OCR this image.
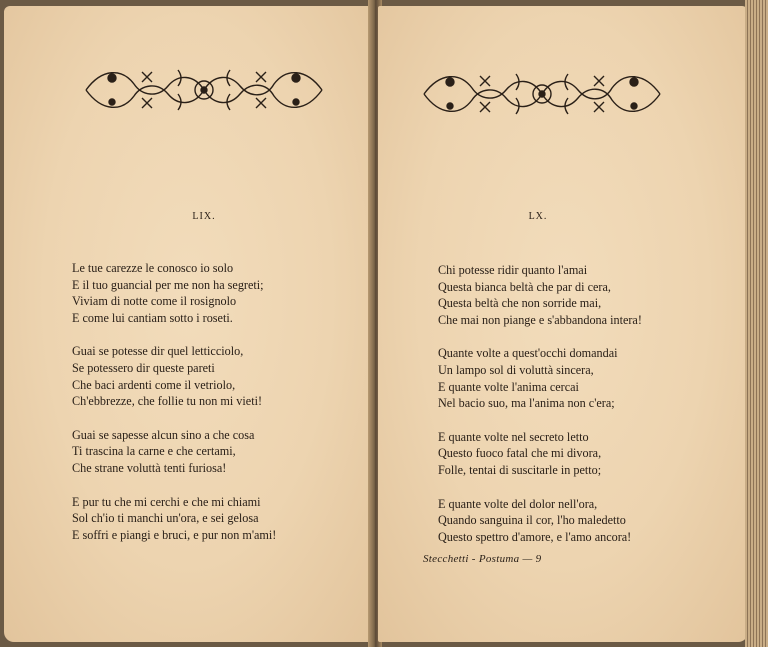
LIX.
Le tue carezze le conosco io solo
E il tuo guancial per me non ha segreti;
Viviam di notte come il rosignolo
E come lui cantiam sotto i roseti.
Guai se potesse dir quel letticciolo,
Se potessero dir queste pareti
Che baci ardenti come il vetriolo,
Ch'ebbrezze, che follie tu non mi vieti!
Guai se sapesse alcun sino a che cosa
Ti trascina la carne e che certami,
Che strane voluttà tenti furiosa!
E pur tu che mi cerchi e che mi chiami
Sol ch'io ti manchi un'ora, e sei gelosa
E soffri e piangi e bruci, e pur non m'ami!
LX.
Chi potesse ridir quanto l'amai
Questa bianca beltà che par di cera,
Questa beltà che non sorride mai,
Che mai non piange e s'abbandona intera!
Quante volte a quest'occhi domandai
Un lampo sol di voluttà sincera,
E quante volte l'anima cercai
Nel bacio suo, ma l'anima non c'era;
E quante volte nel secreto letto
Questo fuoco fatal che mi divora,
Folle, tentai di suscitarle in petto;
E quante volte del dolor nell'ora,
Quando sanguina il cor, l'ho maledetto
Questo spettro d'amore, e l'amo ancora!
Stecchetti - Postuma — 9
